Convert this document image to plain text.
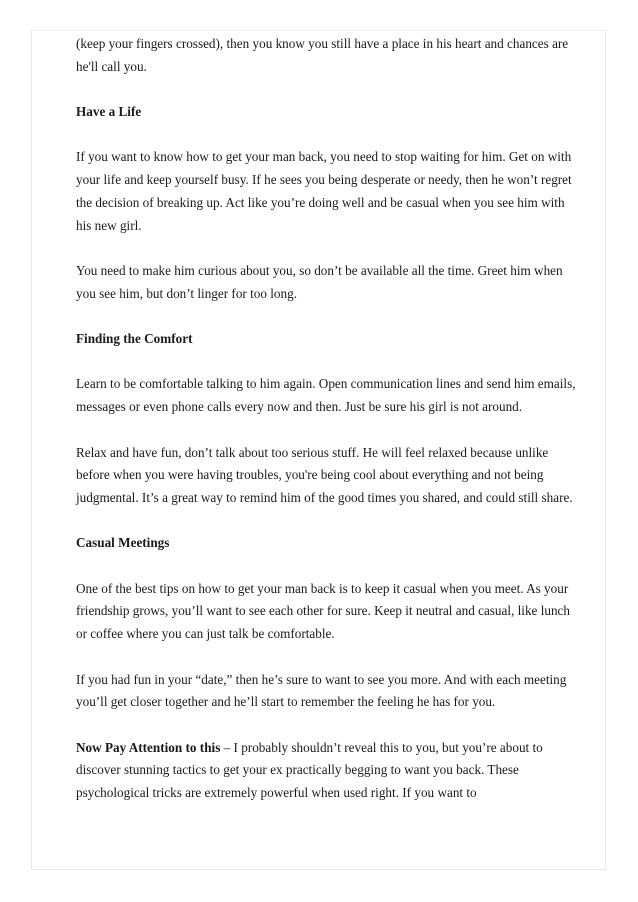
(keep your fingers crossed), then you know you still have a place in his heart and chances are he'll call you.

Have a Life

If you want to know how to get your man back, you need to stop waiting for him. Get on with your life and keep yourself busy. If he sees you being desperate or needy, then he won’t regret the decision of breaking up. Act like you’re doing well and be casual when you see him with his new girl.

You need to make him curious about you, so don’t be available all the time. Greet him when you see him, but don’t linger for too long.

Finding the Comfort

Learn to be comfortable talking to him again. Open communication lines and send him emails, messages or even phone calls every now and then. Just be sure his girl is not around.

Relax and have fun, don’t talk about too serious stuff. He will feel relaxed because unlike before when you were having troubles, you're being cool about everything and not being judgmental. It’s a great way to remind him of the good times you shared, and could still share.

Casual Meetings

One of the best tips on how to get your man back is to keep it casual when you meet. As your friendship grows, you’ll want to see each other for sure. Keep it neutral and casual, like lunch or coffee where you can just talk be comfortable.

If you had fun in your “date,” then he’s sure to want to see you more. And with each meeting you’ll get closer together and he’ll start to remember the feeling he has for you.

Now Pay Attention to this – I probably shouldn’t reveal this to you, but you’re about to discover stunning tactics to get your ex practically begging to want you back. These psychological tricks are extremely powerful when used right. If you want to
